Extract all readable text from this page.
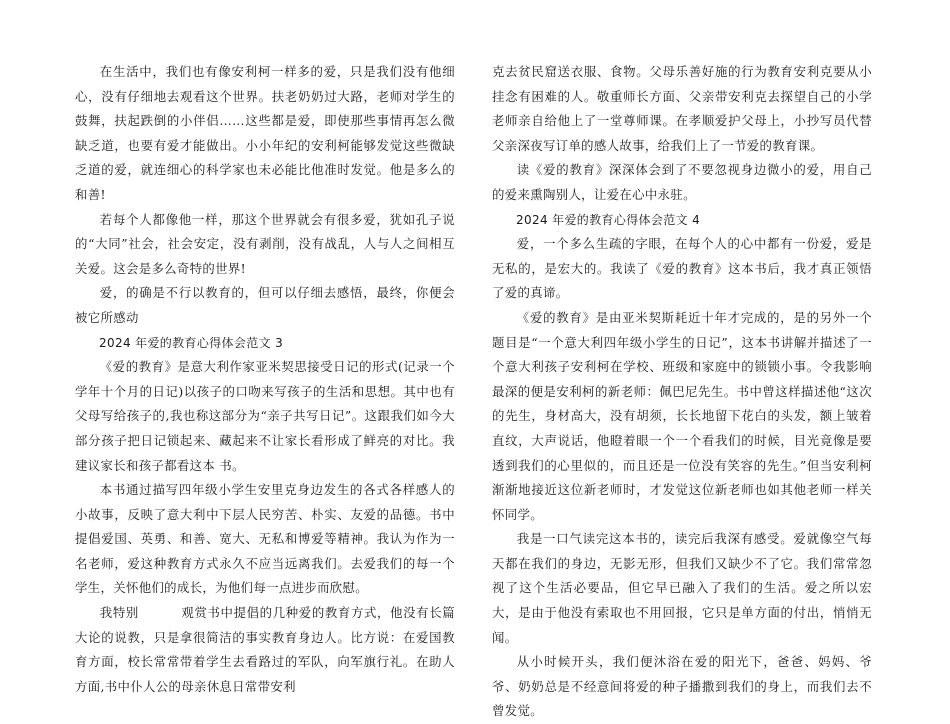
在生活中，我们也有像安利柯一样多的爱，只是我们没有他细心，没有仔细地去观看这个世界。扶老奶奶过大路，老师对学生的鼓舞，扶起跌倒的小伴侣……这些都是爱，即使那些事情再怎么微缺乏道，也要有爱才能做出。小小年纪的安利柯能够发觉这些微缺乏道的爱，就连细心的科学家也未必能比他准时发觉。他是多么的和善!

若每个人都像他一样，那这个世界就会有很多爱，犹如孔子说的“大同”社会，社会安定，没有剥削，没有战乱，人与人之间相互关爱。这会是多么奇特的世界!

爱，的确是不行以教育的，但可以仔细去感悟，最终，你便会被它所感动

2024 年爱的教育心得体会范文 3

《爱的教育》是意大利作家亚米契思接受日记的形式(记录一个学年十个月的日记)以孩子的口吻来写孩子的生活和思想。其中也有父母写给孩子的,我也称这部分为“亲子共写日记”。这跟我们如今大部分孩子把日记锁起来、藏起来不让家长看形成了鲜亮的对比。我建议家长和孩子都看这本 书。

本书通过描写四年级小学生安里克身边发生的各式各样感人的小故事，反映了意大利中下层人民穷苦、朴实、友爱的品德。书中提倡爱国、英勇、和善、宽大、无私和博爱等精神。我认为作为一名老师，爱这种教育方式永久不应当远离我们。去爱我们的每一个学生，关怀他们的成长，为他们每一点进步而欣慰。

我特别	观赏书中提倡的几种爱的教育方式，他没有长篇大论的说教，只是拿很简洁的事实教育身边人。比方说：在爱国教育方面，校长常常带着学生去看路过的军队，向军旗行礼。在助人方面,书中仆人公的母亲休息日常带安利

克去贫民窟送衣服、食物。父母乐善好施的行为教育安利克要从小挂念有困难的人。敬重师长方面、父亲带安利克去探望自己的小学老师亲自给他上了一堂尊师课。在孝顺爱护父母上，小抄写员代替父亲深夜写订单的感人故事，给我们上了一节爱的教育课。

读《爱的教育》深深体会到了不要忽视身边微小的爱，用自己的爱来熏陶别人，让爱在心中永驻。

2024 年爱的教育心得体会范文 4

爱，一个多么生疏的字眼，在每个人的心中都有一份爱，爱是无私的，是宏大的。我读了《爱的教育》这本书后，我才真正领悟了爱的真谛。

《爱的教育》是由亚米契斯耗近十年才完成的，是的另外一个题目是“一个意大利四年级小学生的日记”，这本书讲解并描述了一个意大利孩子安利柯在学校、班级和家庭中的锁锁小事。令我影响最深的便是安利柯的新老师：佩巴尼先生。书中曾这样描述他“这次的先生，身材高大，没有胡须，长长地留下花白的头发，额上皱着直纹，大声说话，他瞪着眼一个一个看我们的时候，目光竟像是要透到我们的心里似的，而且还是一位没有笑容的先生。”但当安利柯渐渐地接近这位新老师时，才发觉这位新老师也如其他老师一样关怀同学。

我是一口气读完这本书的，读完后我深有感受。爱就像空气每天都在我们的身边，无影无形，但我们又缺少不了它。我们常常忽视了这个生活必要品，但它早已融入了我们的生活。爱之所以宏大，是由于他没有索取也不用回报，它只是单方面的付出，悄悄无闻。

从小时候开头，我们便沐浴在爱的阳光下，爸爸、妈妈、爷爷、奶奶总是不经意间将爱的种子播撒到我们的身上，而我们去不曾发觉。
